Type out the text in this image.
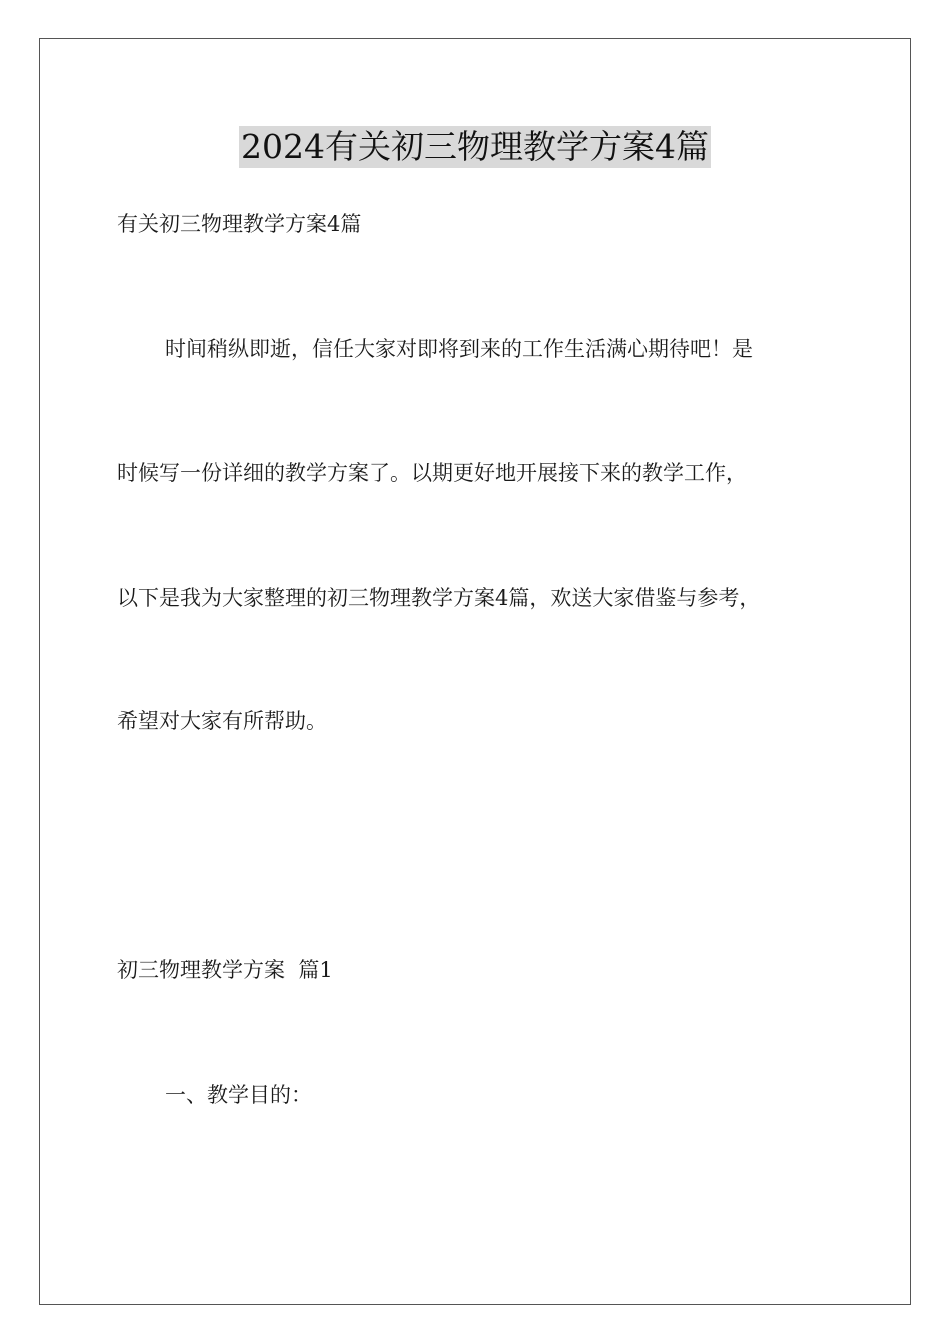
2024有关初三物理教学方案4篇
有关初三物理教学方案4篇
时间稍纵即逝，信任大家对即将到来的工作生活满心期待吧！是
时候写一份详细的教学方案了。以期更好地开展接下来的教学工作，
以下是我为大家整理的初三物理教学方案4篇，欢送大家借鉴与参考，
希望对大家有所帮助。
初三物理教学方案  篇1
一、教学目的：
